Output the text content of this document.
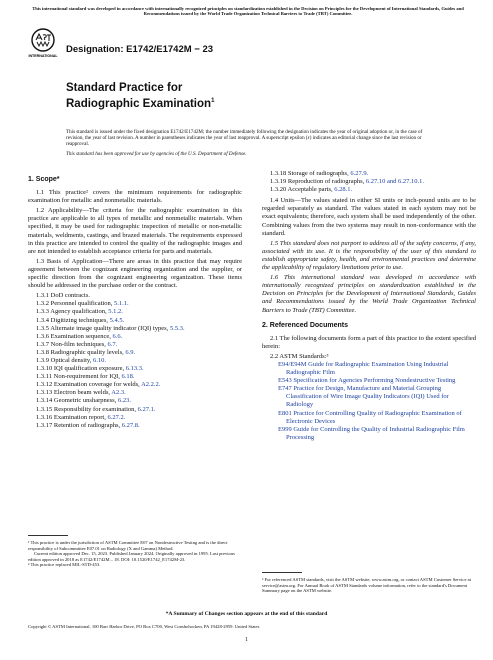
This international standard was developed in accordance with internationally recognized principles on standardization established in the Decision on Principles for the Development of International Standards, Guides and Recommendations issued by the World Trade Organization Technical Barriers to Trade (TBT) Committee.
INTERNATIONAL
Designation: E1742/E1742M − 23
Standard Practice for
Radiographic Examination$^1$
This standard is issued under the fixed designation E1742/E1742M; the number immediately following the designation indicates the year of original adoption or, in the case of revision, the year of last revision. A number in parentheses indicates the year of last reapproval. A superscript epsilon (ε) indicates an editorial change since the last revision or reapproval.
This standard has been approved for use by agencies of the U.S. Department of Defense.
1. Scope*

1.1 This practice² covers the minimum requirements for radiographic examination for metallic and nonmetallic materials.

1.2 Applicability—The criteria for the radiographic examination in this practice are applicable to all types of metallic and nonmetallic materials. When specified, it may be used for radiographic inspection of metallic or non-metallic materials, weldments, castings, and brazed materials. The requirements expressed in this practice are intended to control the quality of the radiographic images and are not intended to establish acceptance criteria for parts and materials.

1.3 Basis of Application—There are areas in this practice that may require agreement between the cognizant engineering organization and the supplier, or specific direction from the cognizant engineering organization. These items should be addressed in the purchase order or the contract.

1.3.1 DoD contracts.
1.3.2 Personnel qualification, 5.1.1.
1.3.3 Agency qualification, 5.1.2.
1.3.4 Digitizing techniques, 5.4.5.
1.3.5 Alternate image quality indicator (IQI) types, 5.5.3.
1.3.6 Examination sequence, 6.6.
1.3.7 Non-film techniques, 6.7.
1.3.8 Radiographic quality levels, 6.9.
1.3.9 Optical density, 6.10.
1.3.10 IQI qualification exposure, 6.13.3.
1.3.11 Non-requirement for IQI, 6.18.
1.3.12 Examination coverage for welds, A2.2.2.
1.3.13 Electron beam welds, A2.3.
1.3.14 Geometric unsharpness, 6.23.
1.3.15 Responsibility for examination, 6.27.1.
1.3.16 Examination report, 6.27.2.
1.3.17 Retention of radiographs, 6.27.8.
1.3.18 Storage of radiographs, 6.27.9.
1.3.19 Reproduction of radiographs, 6.27.10 and 6.27.10.1.
1.3.20 Acceptable parts, 6.28.1.

1.4 Units—The values stated in either SI units or inch-pound units are to be regarded separately as standard. The values stated in each system may not be exact equivalents; therefore, each system shall be used independently of the other. Combining values from the two systems may result in non-conformance with the standard.

1.5 This standard does not purport to address all of the safety concerns, if any, associated with its use. It is the responsibility of the user of this standard to establish appropriate safety, health, and environmental practices and determine the applicability of regulatory limitations prior to use.

1.6 This international standard was developed in accordance with internationally recognized principles on standardization established in the Decision on Principles for the Development of International Standards, Guides and Recommendations issued by the World Trade Organization Technical Barriers to Trade (TBT) Committee.

2. Referenced Documents

2.1 The following documents form a part of this practice to the extent specified herein:

2.2 ASTM Standards:³

E94/E94M Guide for Radiographic Examination Using Industrial Radiographic Film
E543 Specification for Agencies Performing Nondestructive Testing
E747 Practice for Design, Manufacture and Material Grouping Classification of Wire Image Quality Indicators (IQI) Used for Radiology
E801 Practice for Controlling Quality of Radiographic Examination of Electronic Devices
E999 Guide for Controlling the Quality of Industrial Radiographic Film Processing
¹ This practice is under the jurisdiction of ASTM Committee E07 on Nondestructive Testing and is the direct responsibility of Subcommittee E07.01 on Radiology (X and Gamma) Method.
Current edition approved Dec. 15, 2023. Published January 2024. Originally approved in 1995. Last previous edition approved in 2018 as E1742/E1742M – 18. DOI: 10.1520/E1742_E1742M-23.
² This practice replaced MIL-STD-453.
³ For referenced ASTM standards, visit the ASTM website, www.astm.org, or contact ASTM Customer Service at service@astm.org. For Annual Book of ASTM Standards volume information, refer to the standard's Document Summary page on the ASTM website.
*A Summary of Changes section appears at the end of this standard
Copyright © ASTM International, 100 Barr Harbor Drive, PO Box C700, West Conshohocken, PA 19428-2959. United States
1
